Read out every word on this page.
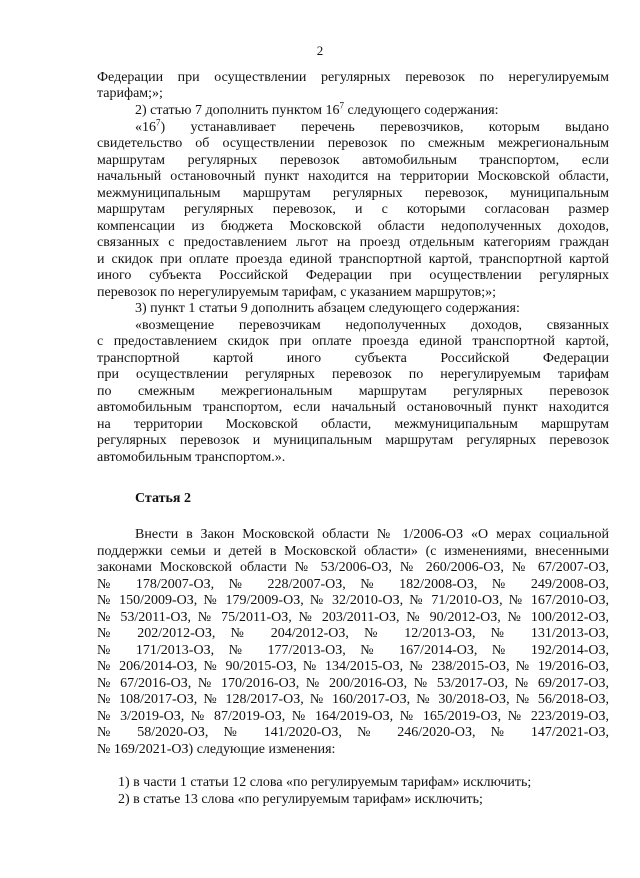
2
Федерации при осуществлении регулярных перевозок по нерегулируемым
тарифам;»;
2) статью 7 дополнить пунктом $16^7$ следующего содержания:
«$16^7$) устанавливает перечень перевозчиков, которым выдано
свидетельство об осуществлении перевозок по смежным межрегиональным
маршрутам регулярных перевозок автомобильным транспортом, если
начальный остановочный пункт находится на территории Московской области,
межмуниципальным маршрутам регулярных перевозок, муниципальным
маршрутам регулярных перевозок, и с которыми согласован размер
компенсации из бюджета Московской области недополученных доходов,
связанных с предоставлением льгот на проезд отдельным категориям граждан
и скидок при оплате проезда единой транспортной картой, транспортной картой
иного субъекта Российской Федерации при осуществлении регулярных
перевозок по нерегулируемым тарифам, с указанием маршрутов;»;
3) пункт 1 статьи 9 дополнить абзацем следующего содержания:
«возмещение перевозчикам недополученных доходов, связанных
с предоставлением скидок при оплате проезда единой транспортной картой,
транспортной картой иного субъекта Российской Федерации
при осуществлении регулярных перевозок по нерегулируемым тарифам
по смежным межрегиональным маршрутам регулярных перевозок
автомобильным транспортом, если начальный остановочный пункт находится
на территории Московской области, межмуниципальным маршрутам
регулярных перевозок и муниципальным маршрутам регулярных перевозок
автомобильным транспортом.».
Статья 2
Внести в Закон Московской области № 1/2006-ОЗ «О мерах социальной
поддержки семьи и детей в Московской области» (с изменениями, внесенными
законами Московской области № 53/2006-ОЗ, № 260/2006-ОЗ, № 67/2007-ОЗ,
№ 178/2007-ОЗ, № 228/2007-ОЗ, № 182/2008-ОЗ, № 249/2008-ОЗ,
№ 150/2009-ОЗ, № 179/2009-ОЗ, № 32/2010-ОЗ, № 71/2010-ОЗ, № 167/2010-ОЗ,
№ 53/2011-ОЗ, № 75/2011-ОЗ, № 203/2011-ОЗ, № 90/2012-ОЗ, № 100/2012-ОЗ,
№ 202/2012-ОЗ, № 204/2012-ОЗ, № 12/2013-ОЗ, № 131/2013-ОЗ,
№ 171/2013-ОЗ, № 177/2013-ОЗ, № 167/2014-ОЗ, № 192/2014-ОЗ,
№ 206/2014-ОЗ, № 90/2015-ОЗ, № 134/2015-ОЗ, № 238/2015-ОЗ, № 19/2016-ОЗ,
№ 67/2016-ОЗ, № 170/2016-ОЗ, № 200/2016-ОЗ, № 53/2017-ОЗ, № 69/2017-ОЗ,
№ 108/2017-ОЗ, № 128/2017-ОЗ, № 160/2017-ОЗ, № 30/2018-ОЗ, № 56/2018-ОЗ,
№ 3/2019-ОЗ, № 87/2019-ОЗ, № 164/2019-ОЗ, № 165/2019-ОЗ, № 223/2019-ОЗ,
№ 58/2020-ОЗ, № 141/2020-ОЗ, № 246/2020-ОЗ, № 147/2021-ОЗ,
№ 169/2021-ОЗ) следующие изменения:
1) в части 1 статьи 12 слова «по регулируемым тарифам» исключить;
2) в статье 13 слова «по регулируемым тарифам» исключить;
